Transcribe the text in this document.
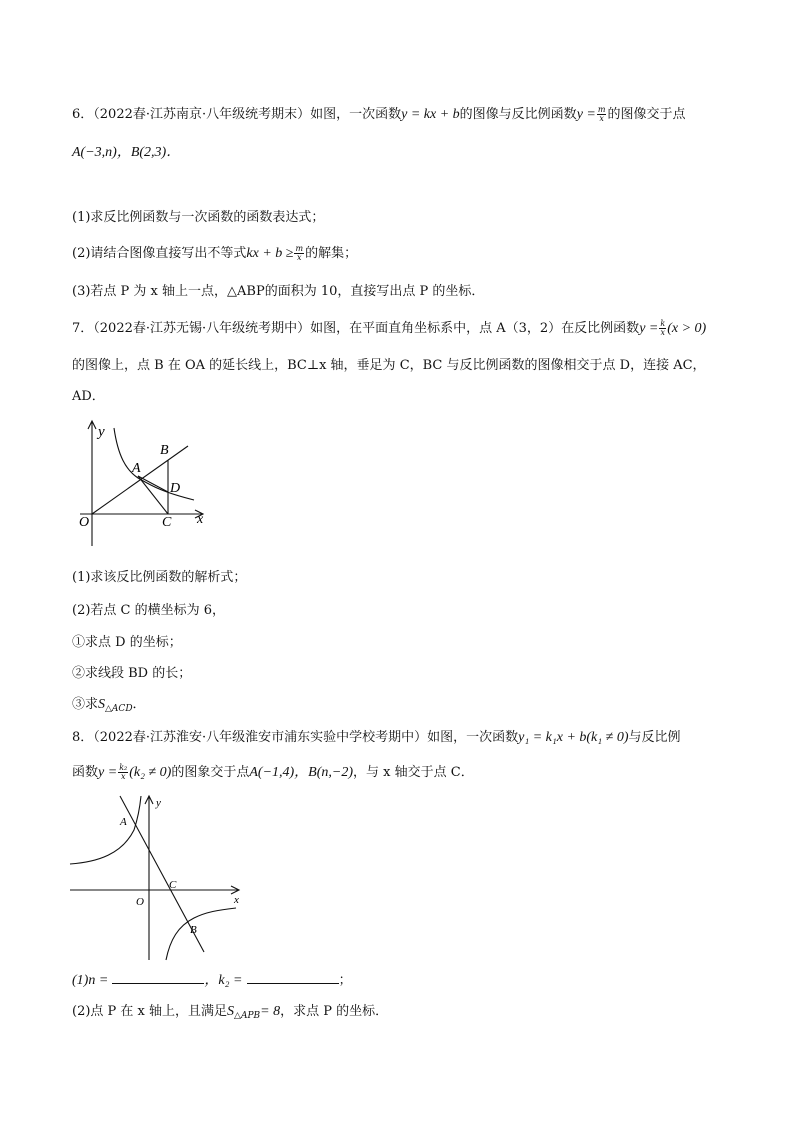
6．（2022春·江苏南京·八年级统考期末）如图，一次函数y = kx + b的图像与反比例函数$y = \frac{m}{x}$ 的图像交于点
A(−3,n)，B(2,3)．
(1)求反比例函数与一次函数的函数表达式；
(2)请结合图像直接写出不等式kx + $b \ge \frac{m}{x}$ 的解集；
(3)若点 P 为 x 轴上一点，△ABP的面积为 10，直接写出点 P 的坐标．
7．（2022春·江苏无锡·八年级统考期中）如图，在平面直角坐标系中，点 A（3，2）在反比例函数$y = \frac{k}{x} (x > 0)$
的图像上，点 B 在 OA 的延长线上，BC⊥x 轴，垂足为 C，BC 与反比例函数的图像相交于点 D，连接 AC，
AD．
y
x
O
A
B
C
D
(1)求该反比例函数的解析式；
(2)若点 C 的横坐标为 6，
①求点 D 的坐标；
②求线段 BD 的长；
③求$S_{\triangle ACD}$．
8．（2022春·江苏淮安·八年级淮安市浦东实验中学校考期中）如图，一次函数y₁ = k₁x + b(k₁ ≠ 0)与反比例
函数$y = \frac{\text{k₂}}{x} (k_2 \ne 0)$的图象交于点A(−1,4)，B(n,−2)，与 x 轴交于点 C．
y
x
O
A
B
C
(1)n =	，k₂ =	；
(2)点 P 在 x 轴上，且满足$S_{\triangle APB}= 8$，求点 P 的坐标．
